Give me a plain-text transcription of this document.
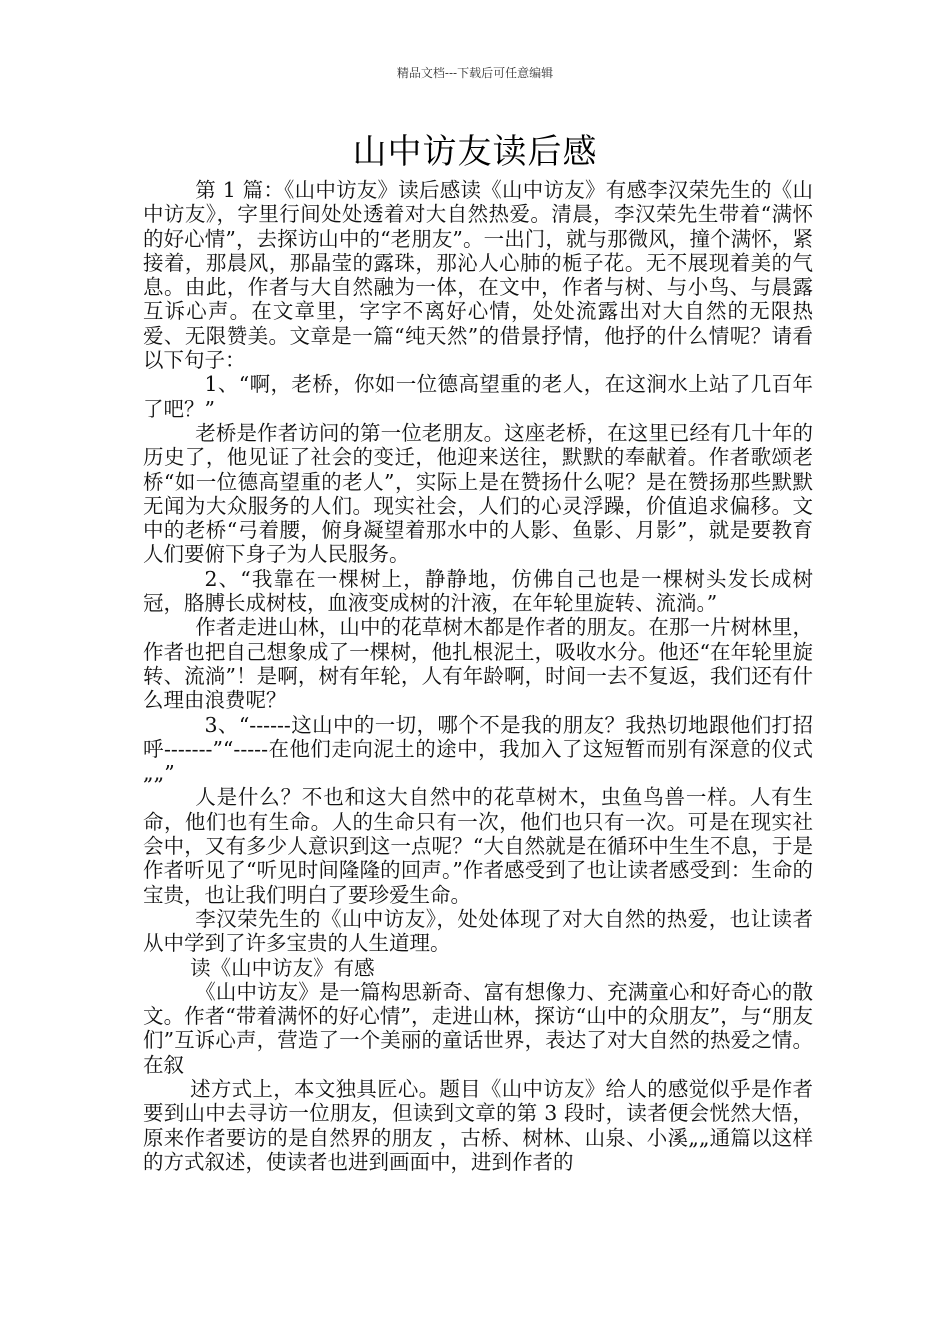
精品文档---下载后可任意编辑
山中访友读后感

第 1 篇：《山中访友》读后感读《山中访友》有感李汉荣先生的《山中访友》，字里行间处处透着对大自然热爱。清晨，李汉荣先生带着“满怀的好心情”，去探访山中的“老朋友”。一出门，就与那微风，撞个满怀，紧接着，那晨风，那晶莹的露珠，那沁人心肺的栀子花。无不展现着美的气息。由此，作者与大自然融为一体，在文中，作者与树、与小鸟、与晨露互诉心声。在文章里，字字不离好心情，处处流露出对大自然的无限热爱、无限赞美。文章是一篇“纯天然”的借景抒情，他抒的什么情呢？请看以下句子：

1、“啊，老桥，你如一位德高望重的老人，在这涧水上站了几百年了吧？”

老桥是作者访问的第一位老朋友。这座老桥，在这里已经有几十年的历史了，他见证了社会的变迁，他迎来送往，默默的奉献着。作者歌颂老桥“如一位德高望重的老人”，实际上是在赞扬什么呢？是在赞扬那些默默无闻为大众服务的人们。现实社会，人们的心灵浮躁，价值追求偏移。文中的老桥“弓着腰，俯身凝望着那水中的人影、鱼影、月影”，就是要教育人们要俯下身子为人民服务。

2、“我靠在一棵树上，静静地，仿佛自己也是一棵树头发长成树冠，胳膊长成树枝，血液变成树的汁液，在年轮里旋转、流淌。”

作者走进山林，山中的花草树木都是作者的朋友。在那一片树林里，作者也把自己想象成了一棵树，他扎根泥土，吸收水分。他还“在年轮里旋转、流淌”！是啊，树有年轮，人有年龄啊，时间一去不复返，我们还有什么理由浪费呢？

3、“------这山中的一切，哪个不是我的朋友？我热切地跟他们打招呼-------”“-----在他们走向泥土的途中，我加入了这短暂而别有深意的仪式„„”

人是什么？不也和这大自然中的花草树木，虫鱼鸟兽一样。人有生命，他们也有生命。人的生命只有一次，他们也只有一次。可是在现实社会中，又有多少人意识到这一点呢？“大自然就是在循环中生生不息，于是作者听见了“听见时间隆隆的回声。”作者感受到了也让读者感受到：生命的宝贵，也让我们明白了要珍爱生命。

李汉荣先生的《山中访友》，处处体现了对大自然的热爱，也让读者从中学到了许多宝贵的人生道理。

读《山中访友》有感

《山中访友》是一篇构思新奇、富有想像力、充满童心和好奇心的散文。作者“带着满怀的好心情”，走进山林，探访“山中的众朋友”，与“朋友们”互诉心声，营造了一个美丽的童话世界，表达了对大自然的热爱之情。 在叙

述方式上，本文独具匠心。题目《山中访友》给人的感觉似乎是作者要到山中去寻访一位朋友，但读到文章的第 3 段时，读者便会恍然大悟，原来作者要访的是自然界的朋友 ，古桥、树林、山泉、小溪„„通篇以这样的方式叙述，使读者也进到画面中，进到作者的
